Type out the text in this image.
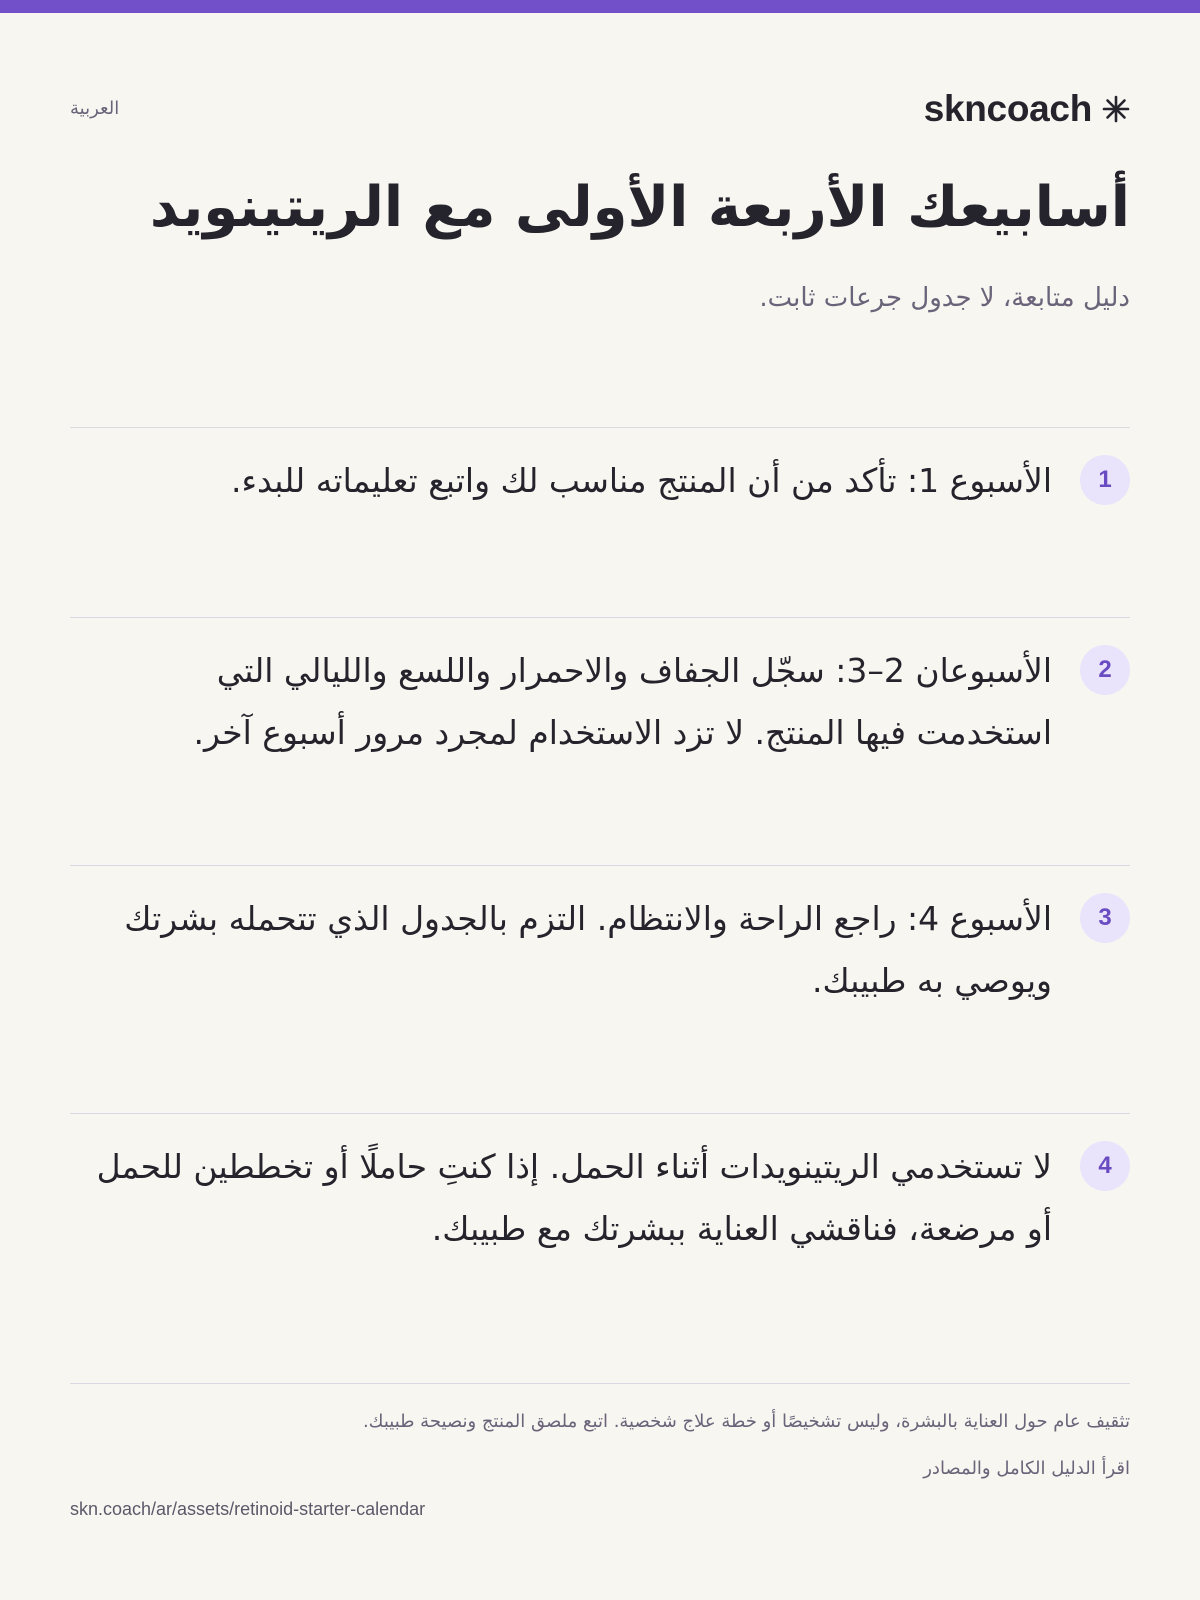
العربية	skncoach
أسابيعك الأربعة الأولى مع الريتينويد
دليل متابعة، لا جدول جرعات ثابت.
1
الأسبوع 1: تأكد من أن المنتج مناسب لك واتبع تعليماته للبدء.
2
الأسبوعان 2–3: سجّل الجفاف والاحمرار واللسع والليالي التي استخدمت فيها المنتج. لا تزد الاستخدام لمجرد مرور أسبوع آخر.
3
الأسبوع 4: راجع الراحة والانتظام. التزم بالجدول الذي تتحمله بشرتك ويوصي به طبيبك.
4
لا تستخدمي الريتينويدات أثناء الحمل. إذا كنتِ حاملًا أو تخططين للحمل أو مرضعة، فناقشي العناية ببشرتك مع طبيبك.
تثقيف عام حول العناية بالبشرة، وليس تشخيصًا أو خطة علاج شخصية. اتبع ملصق المنتج ونصيحة طبيبك.
اقرأ الدليل الكامل والمصادر
skn.coach/ar/assets/retinoid-starter-calendar
